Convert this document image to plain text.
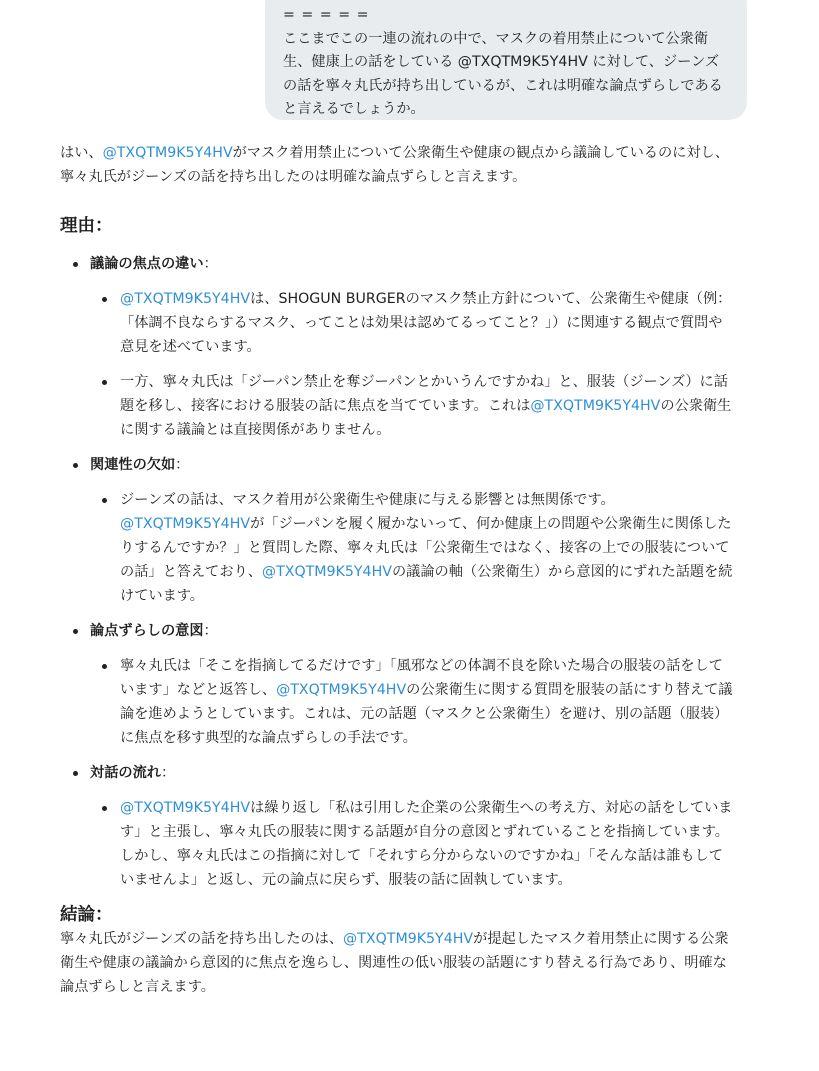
= = = = =
ここまでこの一連の流れの中で、マスクの着用禁止について公衆衛生、健康上の話をしている @TXQTM9K5Y4HV に対して、ジーンズの話を寧々丸氏が持ち出しているが、これは明確な論点ずらしであると言えるでしょうか。

はい、@TXQTM9K5Y4HVがマスク着用禁止について公衆衛生や健康の観点から議論しているのに対し、寧々丸氏がジーンズの話を持ち出したのは明確な論点ずらしと言えます。

理由：
議論の焦点の違い：
@TXQTM9K5Y4HVは、SHOGUN BURGERのマスク禁止方針について、公衆衛生や健康（例：「体調不良ならするマスク、ってことは効果は認めてるってこと？」）に関連する観点で質問や意見を述べています。
一方、寧々丸氏は「ジーパン禁止を奪ジーパンとかいうんですかね」と、服装（ジーンズ）に話題を移し、接客における服装の話に焦点を当てています。これは@TXQTM9K5Y4HVの公衆衛生に関する議論とは直接関係がありません。
関連性の欠如：
ジーンズの話は、マスク着用が公衆衛生や健康に与える影響とは無関係です。@TXQTM9K5Y4HVが「ジーパンを履く履かないって、何か健康上の問題や公衆衛生に関係したりするんですか？」と質問した際、寧々丸氏は「公衆衛生ではなく、接客の上での服装についての話」と答えており、@TXQTM9K5Y4HVの議論の軸（公衆衛生）から意図的にずれた話題を続けています。
論点ずらしの意図：
寧々丸氏は「そこを指摘してるだけです」「風邪などの体調不良を除いた場合の服装の話をしています」などと返答し、@TXQTM9K5Y4HVの公衆衛生に関する質問を服装の話にすり替えて議論を進めようとしています。これは、元の話題（マスクと公衆衛生）を避け、別の話題（服装）に焦点を移す典型的な論点ずらしの手法です。
対話の流れ：
@TXQTM9K5Y4HVは繰り返し「私は引用した企業の公衆衛生への考え方、対応の話をしています」と主張し、寧々丸氏の服装に関する話題が自分の意図とずれていることを指摘しています。しかし、寧々丸氏はこの指摘に対して「それすら分からないのですかね」「そんな話は誰もしていませんよ」と返し、元の論点に戻らず、服装の話に固執しています。
結論：

寧々丸氏がジーンズの話を持ち出したのは、@TXQTM9K5Y4HVが提起したマスク着用禁止に関する公衆衛生や健康の議論から意図的に焦点を逸らし、関連性の低い服装の話題にすり替える行為であり、明確な論点ずらしと言えます。
